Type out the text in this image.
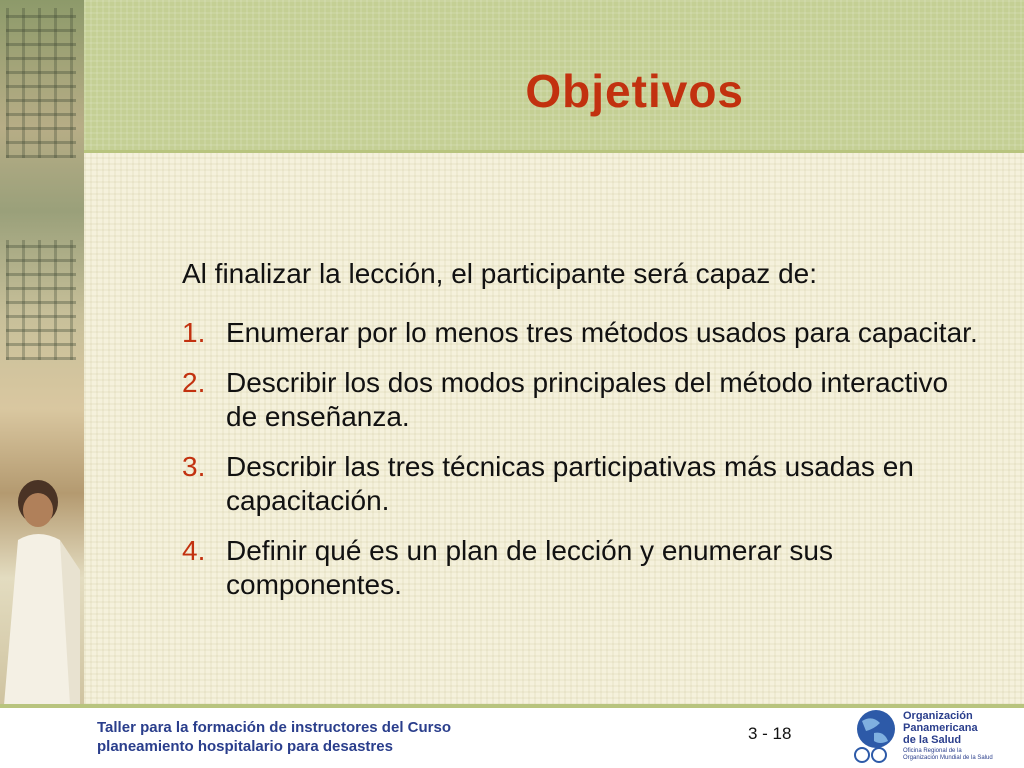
Objetivos
Al finalizar la lección, el participante será capaz de:
1. Enumerar por lo menos tres métodos usados para capacitar.
2. Describir los dos modos principales del método interactivo de enseñanza.
3. Describir las tres técnicas participativas más usadas en capacitación.
4. Definir qué es un plan de lección y enumerar sus componentes.
Taller para la formación de instructores del Curso
planeamiento hospitalario para desastres
3 - 18
Organización
Panamericana
de la Salud
Oficina Regional de la
Organización Mundial de la Salud
